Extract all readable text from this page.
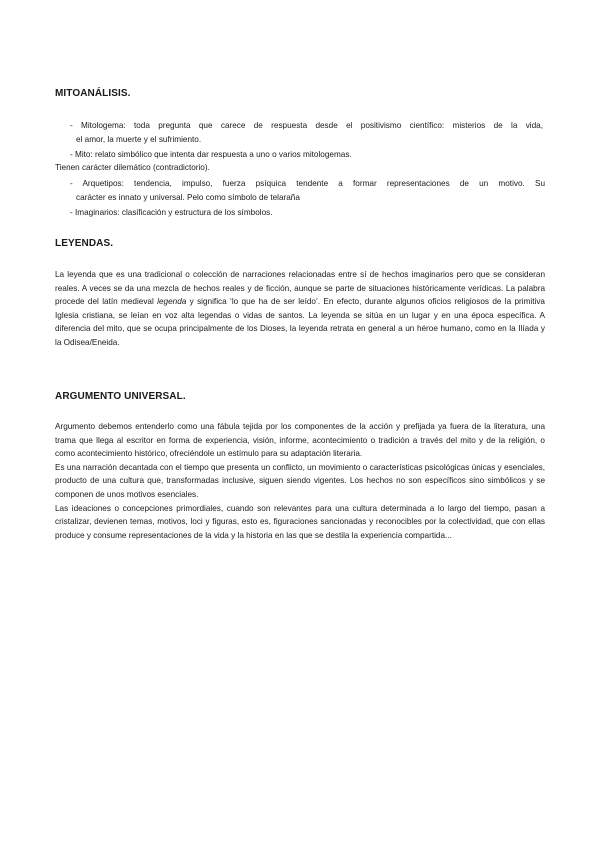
MITOANÁLISIS.
- Mitologema: toda pregunta que carece de respuesta desde el positivismo científico: misterios de la vida,
el amor, la muerte y el sufrimiento.
- Mito: relato simbólico que intenta dar respuesta a uno o varios mitologemas.
Tienen carácter dilemático (contradictorio).
- Arquetipos: tendencia, impulso, fuerza psíquica tendente a formar representaciones de un motivo. Su
carácter es innato y universal. Pelo como símbolo de telaraña
- Imaginarios: clasificación y estructura de los símbolos.
LEYENDAS.

La leyenda que es una tradicional o colección de narraciones relacionadas entre sí de hechos imaginarios pero que se consideran reales. A veces se da una mezcla de hechos reales y de ficción, aunque se parte de situaciones históricamente verídicas. La palabra procede del latín medieval legenda y significa ‘lo que ha de ser leído’. En efecto, durante algunos oficios religiosos de la primitiva Iglesia cristiana, se leían en voz alta legendas o vidas de santos. La leyenda se sitúa en un lugar y en una época específica. A diferencia del mito, que se ocupa principalmente de los Dioses, la leyenda retrata en general a un héroe humano, como en la Ilíada y la Odisea/Eneida.

ARGUMENTO UNIVERSAL.

Argumento debemos entenderlo como una fábula tejida por los componentes de la acción y prefijada ya fuera de la literatura, una trama que llega al escritor en forma de experiencia, visión, informe, acontecimiento o tradición a través del mito y de la religión, o como acontecimiento histórico, ofreciéndole un estímulo para su adaptación literaria.

Es una narración decantada con el tiempo que presenta un conflicto, un movimiento o características psicológicas únicas y esenciales, producto de una cultura que, transformadas inclusive, siguen siendo vigentes. Los hechos no son específicos sino simbólicos y se componen de unos motivos esenciales.

Las ideaciones o concepciones primordiales, cuando son relevantes para una cultura determinada a lo largo del tiempo, pasan a cristalizar, devienen temas, motivos, loci y figuras, esto es, figuraciones sancionadas y reconocibles por la colectividad, que con ellas produce y consume representaciones de la vida y la historia en las que se destila la experiencia compartida...
